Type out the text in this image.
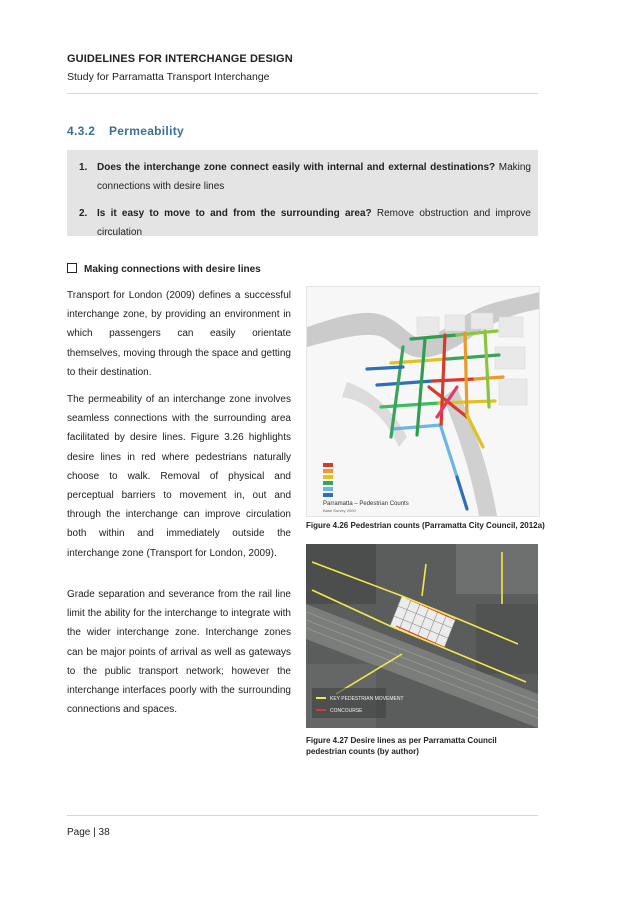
GUIDELINES FOR INTERCHANGE DESIGN
Study for Parramatta Transport Interchange
4.3.2 Permeability
1. Does the interchange zone connect easily with internal and external destinations? Making connections with desire lines
2. Is it easy to move to and from the surrounding area? Remove obstruction and improve circulation
Making connections with desire lines
Transport for London (2009) defines a successful interchange zone, by providing an environment in which passengers can easily orientate themselves, moving through the space and getting to their destination.
The permeability of an interchange zone involves seamless connections with the surrounding area facilitated by desire lines. Figure 3.26 highlights desire lines in red where pedestrians naturally choose to walk. Removal of physical and perceptual barriers to movement in, out and through the interchange can improve circulation both within and immediately outside the interchange zone (Transport for London, 2009).
Grade separation and severance from the rail line limit the ability for the interchange to integrate with the wider interchange zone. Interchange zones can be major points of arrival as well as gateways to the public transport network; however the interchange interfaces poorly with the surrounding connections and spaces.
Parramatta – Pedestrian Counts
Base Survey 2000
Figure 4.26 Pedestrian counts (Parramatta City Council, 2012a)
KEY PEDESTRIAN MOVEMENT
CONCOURSE
Figure 4.27 Desire lines as per Parramatta Council pedestrian counts (by author)
Page | 38
